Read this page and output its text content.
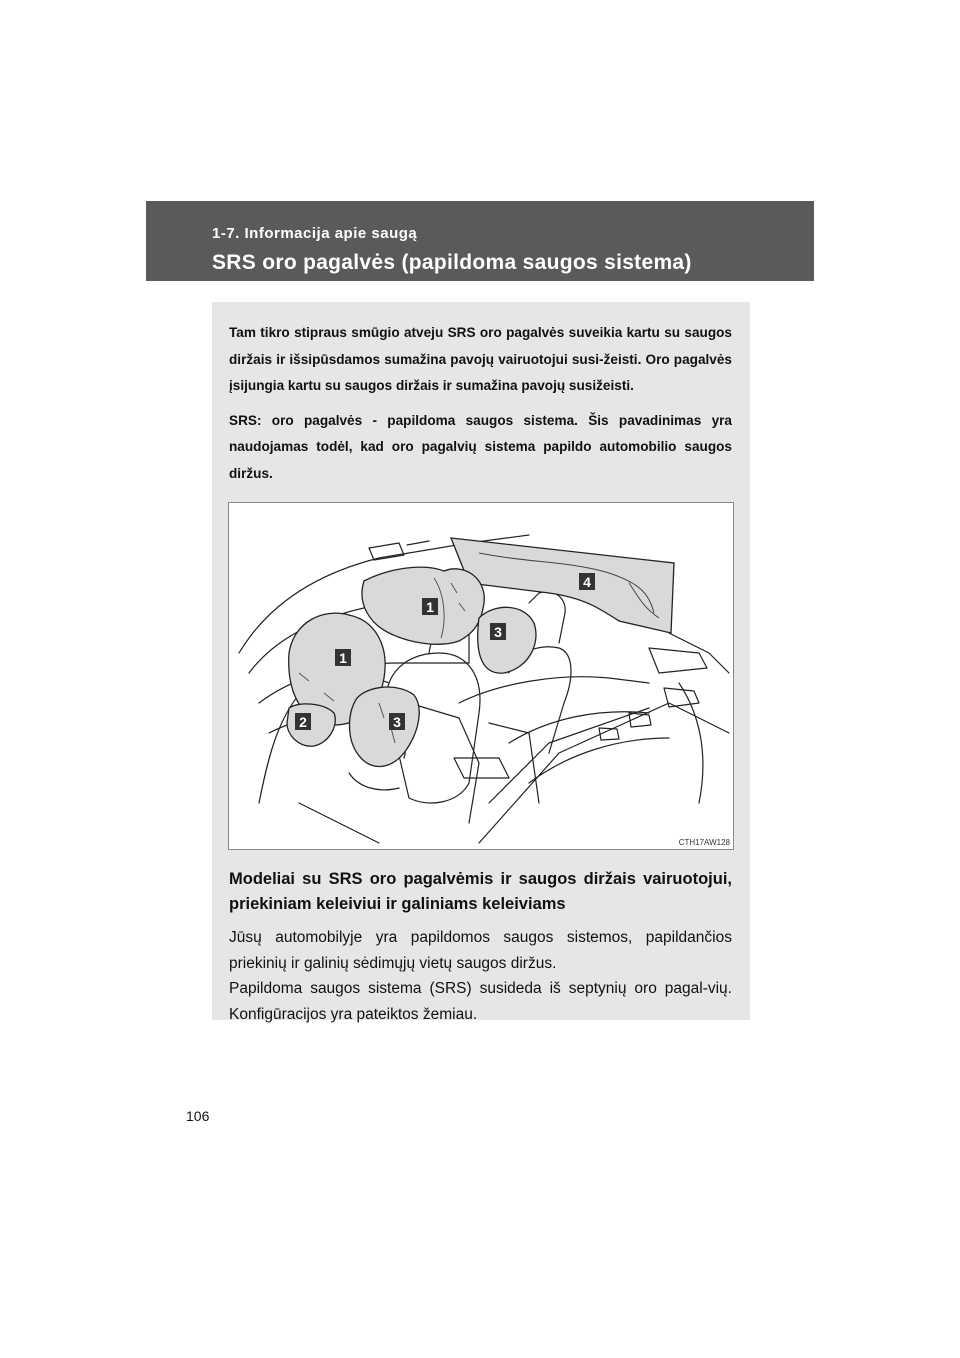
1-7. Informacija apie saugą
SRS oro pagalvės (papildoma saugos sistema)

Tam tikro stipraus smūgio atveju SRS oro pagalvės suveikia kartu su saugos diržais ir išsipūsdamos sumažina pavojų vairuotojui susi-žeisti. Oro pagalvės įsijungia kartu su saugos diržais ir sumažina pavojų susižeisti.

SRS: oro pagalvės - papildoma saugos sistema. Šis pavadinimas yra naudojamas todėl, kad oro pagalvių sistema papildo automobilio saugos diržus.

1
1
2	3
3
4
CTH17AW128
Modeliai su SRS oro pagalvėmis ir saugos diržais vairuotojui, priekiniam keleiviui ir galiniams keleiviams

Jūsų automobilyje yra papildomos saugos sistemos, papildančios priekinių ir galinių sėdimųjų vietų saugos diržus.

Papildoma saugos sistema (SRS) susideda iš septynių oro pagal-vių. Konfigūracijos yra pateiktos žemiau.

106
